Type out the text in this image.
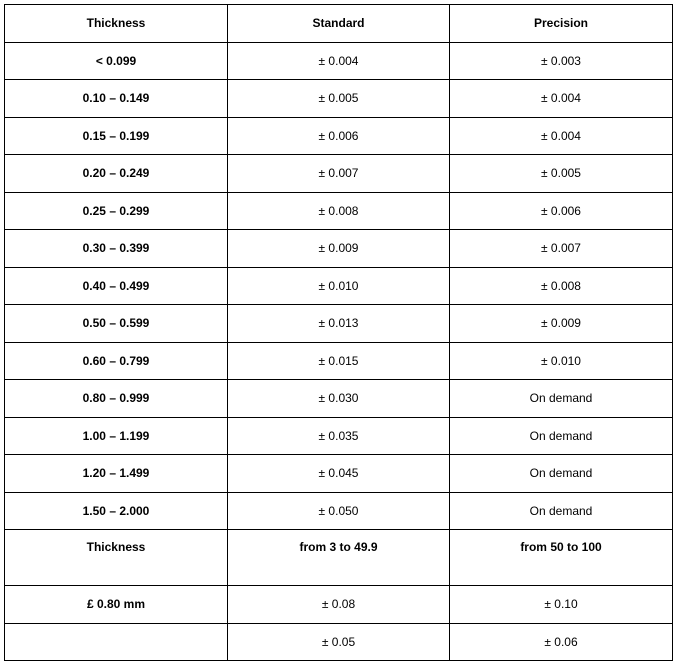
Thickness	Standard	Precision
< 0.099	± 0.004	± 0.003
0.10 – 0.149	± 0.005	± 0.004
0.15 – 0.199	± 0.006	± 0.004
0.20 – 0.249	± 0.007	± 0.005
0.25 – 0.299	± 0.008	± 0.006
0.30 – 0.399	± 0.009	± 0.007
0.40 – 0.499	± 0.010	± 0.008
0.50 – 0.599	± 0.013	± 0.009
0.60 – 0.799	± 0.015	± 0.010
0.80 – 0.999	± 0.030	On demand
1.00 – 1.199	± 0.035	On demand
1.20 – 1.499	± 0.045	On demand
1.50 – 2.000	± 0.050	On demand
Thickness	from 3 to 49.9	from 50 to 100
£ 0.80 mm	± 0.08	± 0.10
	± 0.05	± 0.06
